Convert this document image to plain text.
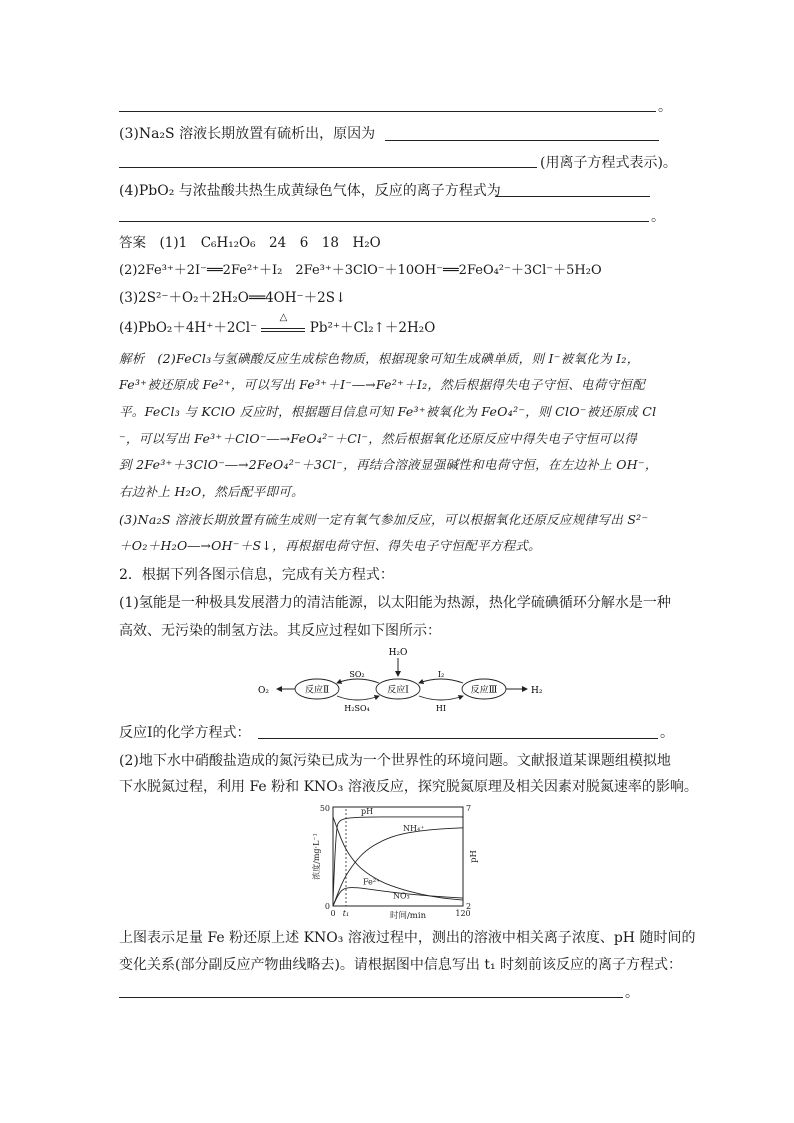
。
(3)Na₂S 溶液长期放置有硫析出，原因为
(用离子方程式表示)。
(4)PbO₂ 与浓盐酸共热生成黄绿色气体，反应的离子方程式为
。
答案　(1)1　C₆H₁₂O₆　24　6　18　H₂O
(2)2Fe³⁺＋2I⁻══2Fe²⁺＋I₂　2Fe³⁺＋3ClO⁻＋10OH⁻══2FeO₄²⁻＋3Cl⁻＋5H₂O
(3)2S²⁻＋O₂＋2H₂O══4OH⁻＋2S↓
(4)PbO₂＋4H⁺＋2Cl⁻
△
Pb²⁺＋Cl₂↑＋2H₂O
解析　(2)FeCl₃与氢碘酸反应生成棕色物质，根据现象可知生成碘单质，则 I⁻被氧化为 I₂，
Fe³⁺被还原成 Fe²⁺，可以写出 Fe³⁺＋I⁻―→Fe²⁺＋I₂，然后根据得失电子守恒、电荷守恒配
平。FeCl₃ 与 KClO 反应时，根据题目信息可知 Fe³⁺被氧化为 FeO₄²⁻，则 ClO⁻被还原成 Cl
⁻，可以写出 Fe³⁺＋ClO⁻―→FeO₄²⁻＋Cl⁻，然后根据氧化还原反应中得失电子守恒可以得
到 2Fe³⁺＋3ClO⁻―→2FeO₄²⁻＋3Cl⁻，再结合溶液显强碱性和电荷守恒，在左边补上 OH⁻，
右边补上 H₂O，然后配平即可。
(3)Na₂S 溶液长期放置有硫生成则一定有氧气参加反应，可以根据氧化还原反应规律写出 S²⁻
＋O₂＋H₂O―→OH⁻＋S↓，再根据电荷守恒、得失电子守恒配平方程式。
2．根据下列各图示信息，完成有关方程式：
(1)氢能是一种极具发展潜力的清洁能源，以太阳能为热源，热化学硫碘循环分解水是一种
高效、无污染的制氢方法。其反应过程如下图所示：
O₂	反应Ⅱ	反应Ⅰ	反应Ⅲ	H₂
H₂O
SO₂
H₂SO₄
I₂
HI
反应Ⅰ的化学方程式：	。
(2)地下水中硝酸盐造成的氮污染已成为一个世界性的环境问题。文献报道某课题组模拟地
下水脱氮过程，利用 Fe 粉和 KNO₃ 溶液反应，探究脱氮原理及相关因素对脱氮速率的影响。
pH
NH₄⁺
NO₃⁻
Fe²⁺
50
0
7
2
0 t₁	120
时间/min
浓度/mg·L⁻¹	pH
上图表示足量 Fe 粉还原上述 KNO₃ 溶液过程中，测出的溶液中相关离子浓度、pH 随时间的
变化关系(部分副反应产物曲线略去)。请根据图中信息写出 t₁ 时刻前该反应的离子方程式：
。
